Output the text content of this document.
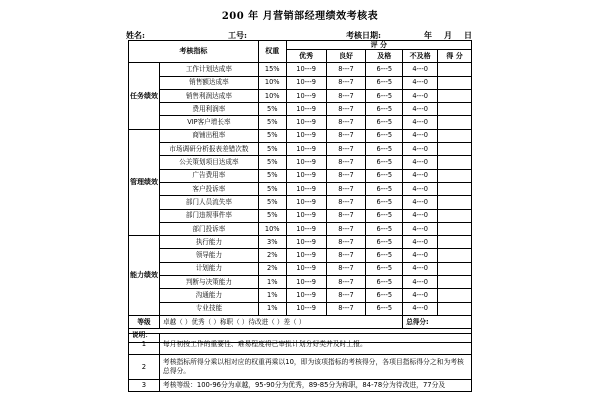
200 年 月营销部经理绩效考核表
姓名:	工号:	考核日期:	年 月 日
考核指标		权重	评 分				
			优秀	良好	及格	不及格	得 分
任务绩效	工作计划达成率	15%	10---9	8---7	6---5	4---0	
	销售额达成率	10%	10---9	8---7	6---5	4---0	
	销售利润达成率	10%	10---9	8---7	6---5	4---0	
	费用利润率	5%	10---9	8---7	6---5	4---0	
	VIP客户增长率	5%	10---9	8---7	6---5	4---0	
管理绩效	商铺出租率	5%	10---9	8---7	6---5	4---0	
	市场调研分析报表差错次数	5%	10---9	8---7	6---5	4---0	
	公关策划项目达成率	5%	10---9	8---7	6---5	4---0	
	广告费用率	5%	10---9	8---7	6---5	4---0	
	客户投诉率	5%	10---9	8---7	6---5	4---0	
	部门人员流失率	5%	10---9	8---7	6---5	4---0	
	部门违规事件率	5%	10---9	8---7	6---5	4---0	
	部门投诉率	10%	10---9	8---7	6---5	4---0	
能力绩效	执行能力	3%	10---9	8---7	6---5	4---0	
	领导能力	2%	10---9	8---7	6---5	4---0	
	计划能力	2%	10---9	8---7	6---5	4---0	
	判断与决策能力	1%	10---9	8---7	6---5	4---0	
	沟通能力	1%	10---9	8---7	6---5	4---0	
	专业技能	1%	10---9	8---7	6---5	4---0	
等级	卓越（ ）优秀（ ）称职（ ）待改进（ ）差（ ）					总得分:	
说明：							
1	每月初按工作的重要性、难易程度将已审批计划分好类并及时上报。
2	考核指标所得分乘以相对应的权重再乘以10，即为该项指标的考核得分，各项目指标得分之和为考核总得分。
3	考核等级：100-96分为卓越，95-90分为优秀，89-85分为称职，84-78分为待改进，77分及
